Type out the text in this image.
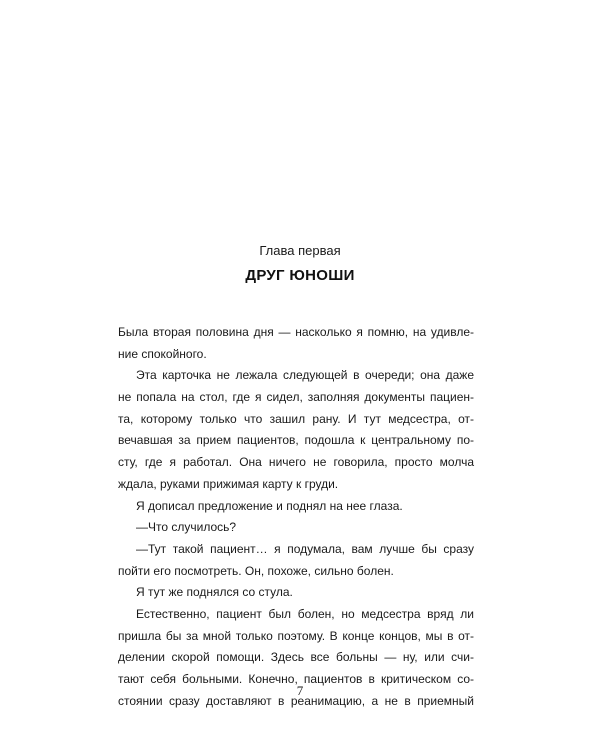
Глава первая
ДРУГ ЮНОШИ
Была вторая половина дня — насколько я помню, на удивле-
ние спокойного.
Эта карточка не лежала следующей в очереди; она даже
не попала на стол, где я сидел, заполняя документы пациен-
та, которому только что зашил рану. И тут медсестра, от-
вечавшая за прием пациентов, подошла к центральному по-
сту, где я работал. Она ничего не говорила, просто молча
ждала, руками прижимая карту к груди.
Я дописал предложение и поднял на нее глаза.
—Что случилось?
—Тут такой пациент… я подумала, вам лучше бы сразу
пойти его посмотреть. Он, похоже, сильно болен.
Я тут же поднялся со стула.
Естественно, пациент был болен, но медсестра вряд ли
пришла бы за мной только поэтому. В конце концов, мы в от-
делении скорой помощи. Здесь все больны — ну, или счи-
тают себя больными. Конечно, пациентов в критическом со-
стоянии сразу доставляют в реанимацию, а не в приемный
7
